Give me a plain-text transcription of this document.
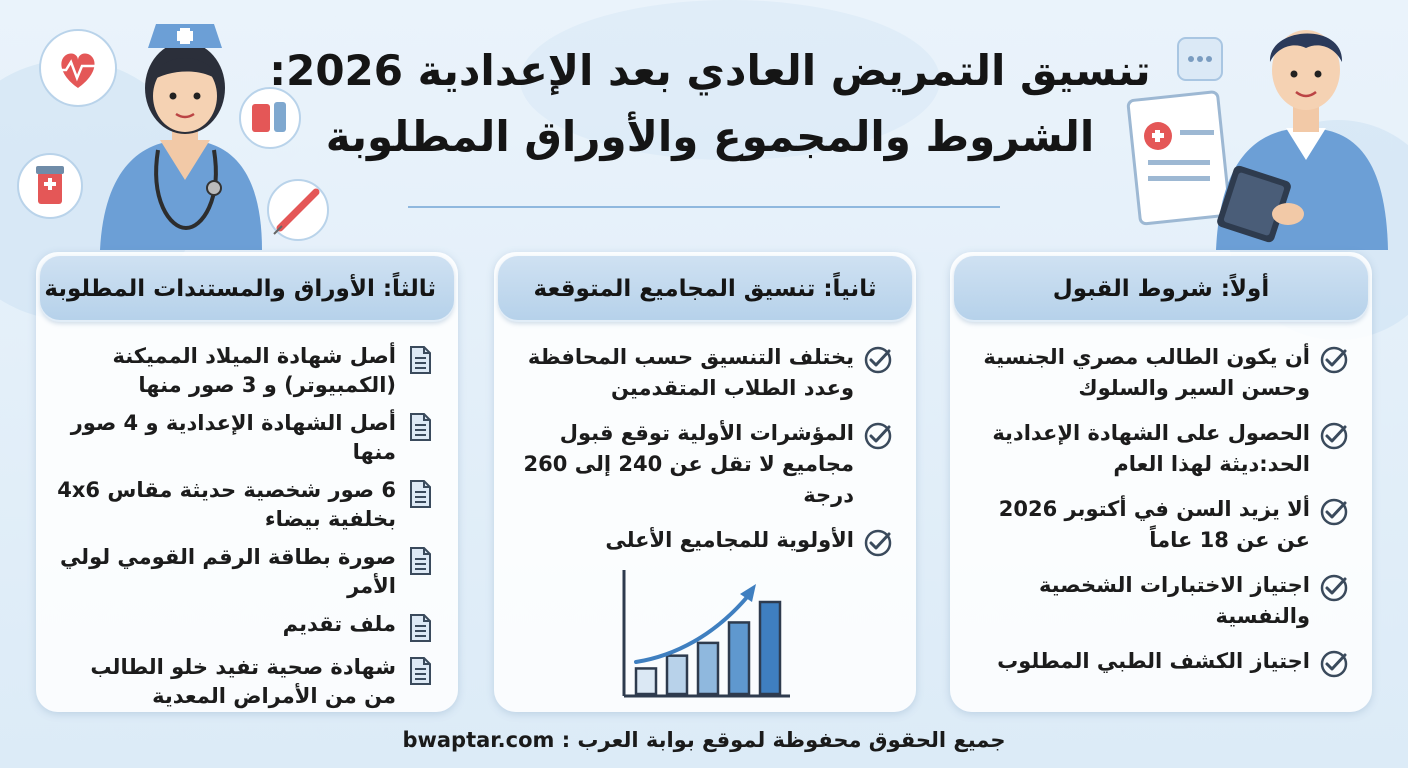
تنسيق التمريض العادي بعد الإعدادية 2026:
الشروط والمجموع والأوراق المطلوبة
أولاً: شروط القبول
أن يكون الطالب مصري الجنسية وحسن السير والسلوك
الحصول على الشهادة الإعدادية الحد:ديثة لهذا العام
ألا يزيد السن في أكتوبر 2026 عن عن 18 عاماً
اجتياز الاختبارات الشخصية والنفسية
اجتياز الكشف الطبي المطلوب
ثانياً: تنسيق المجاميع المتوقعة
يختلف التنسيق حسب المحافظة وعدد الطلاب المتقدمين
المؤشرات الأولية توقع قبول مجاميع لا تقل عن 240 إلى 260 درجة
الأولوية للمجاميع الأعلى
ثالثاً: الأوراق والمستندات المطلوبة
أصل شهادة الميلاد المميكنة (الكمبيوتر) و 3 صور منها
أصل الشهادة الإعدادية و 4 صور منها
6 صور شخصية حديثة مقاس 4x6 بخلفية بيضاء
صورة بطاقة الرقم القومي لولي الأمر
ملف تقديم
شهادة صحية تفيد خلو الطالب من من الأمراض المعدية
جميع الحقوق محفوظة لموقع بوابة العرب : bwaptar.com
